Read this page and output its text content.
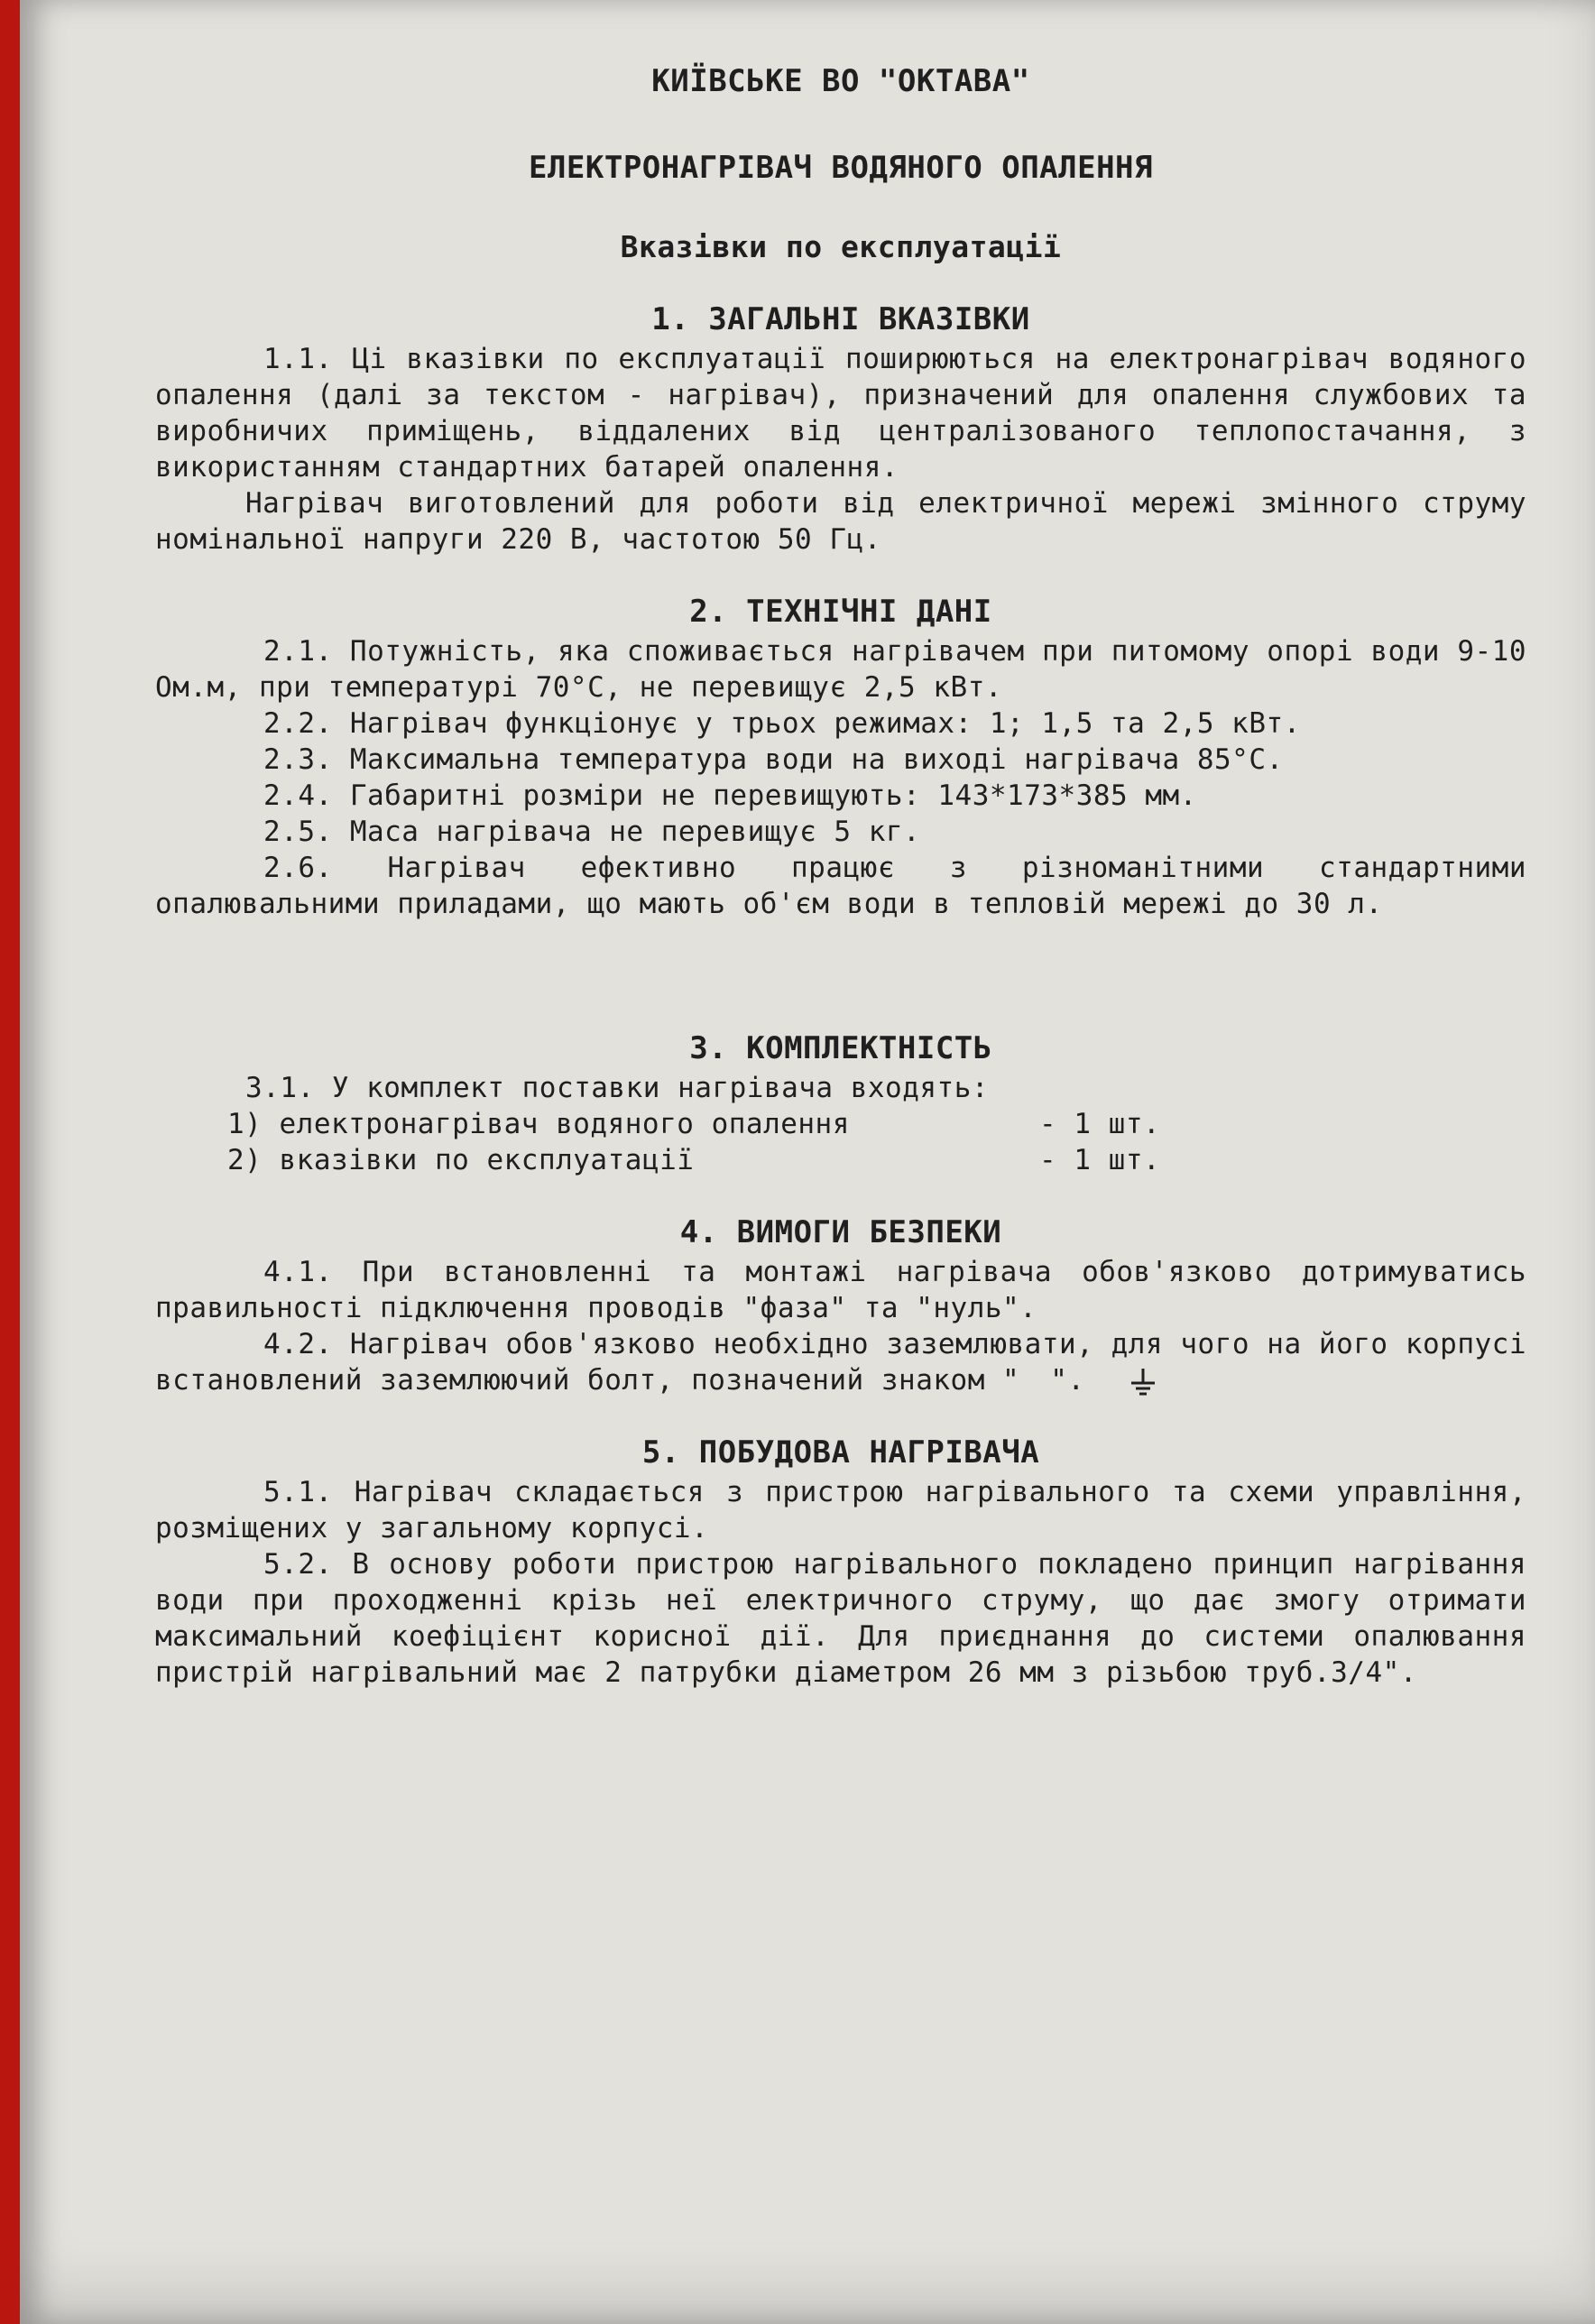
КИЇВСЬКЕ ВО "ОКТАВА"
ЕЛЕКТРОНАГРІВАЧ ВОДЯНОГО ОПАЛЕННЯ
Вказівки по експлуатації
1. ЗАГАЛЬНІ ВКАЗІВКИ

1.1. Ці вказівки по експлуатації поширюються на електронагрівач водяного опалення (далі за текстом - нагрівач), призначений для опалення службових та виробничих приміщень, віддалених від централізованого теплопостачання, з використанням стандартних батарей опалення.

Нагрівач виготовлений для роботи від електричної мережі змінного струму номінальної напруги 220 В, частотою 50 Гц.

2. ТЕХНІЧНІ ДАНІ

2.1. Потужність, яка споживається нагрівачем при питомому опорі води 9-10 Ом.м, при температурі 70°С, не перевищує 2,5 кВт.

2.2. Нагрівач функціонує у трьох режимах: 1; 1,5 та 2,5 кВт.

2.3. Максимальна температура води на виході нагрівача 85°С.

2.4. Габаритні розміри не перевищують: 143*173*385 мм.

2.5. Маса нагрівача не перевищує 5 кг.

2.6. Нагрівач ефективно працює з різноманітними стандартними опалювальними приладами, що мають об'єм води в тепловій мережі до 30 л.

3. КОМПЛЕКТНІСТЬ

3.1. У комплект поставки нагрівача входять:

1) електронагрівач водяного опалення	- 1 шт.
2) вказівки по експлуатації	- 1 шт.
4. ВИМОГИ БЕЗПЕКИ

4.1. При встановленні та монтажі нагрівача обов'язково дотримуватись правильності підключення проводів "фаза" та "нуль".

4.2. Нагрівач обов'язково необхідно заземлювати, для чого на його корпусі встановлений заземлюючий болт, позначений знаком " ".

5. ПОБУДОВА НАГРІВАЧА

5.1. Нагрівач складається з пристрою нагрівального та схеми управління, розміщених у загальному корпусі.

5.2. В основу роботи пристрою нагрівального покладено принцип нагрівання води при проходженні крізь неї електричного струму, що дає змогу отримати максимальний коефіцієнт корисної дії. Для приєднання до системи опалювання пристрій нагрівальний має 2 патрубки діаметром 26 мм з різьбою труб.3/4".
